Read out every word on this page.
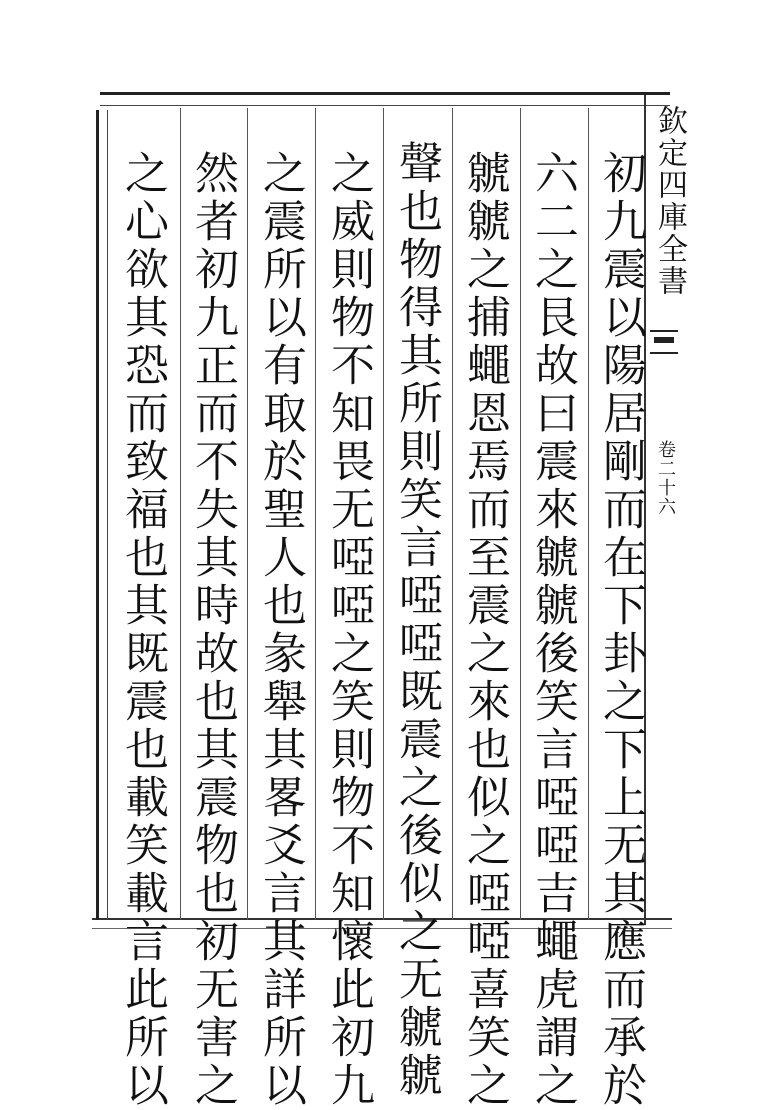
欽定四庫全書
卷二十六
初九震以陽居剛而在下卦之下上无其應而承於
六二之艮故曰震來虩虩後笑言啞啞吉蠅虎謂之
虩虩之捕蠅恩焉而至震之來也似之啞啞喜笑之
聲也物得其所則笑言啞啞既震之後似之无虩虩
之威則物不知畏无啞啞之笑則物不知懷此初九
之震所以有取於聖人也彖舉其畧爻言其詳所以
然者初九正而不失其時故也其震物也初无害之
之心欲其恐而致福也其既震也載笑載言此所以
